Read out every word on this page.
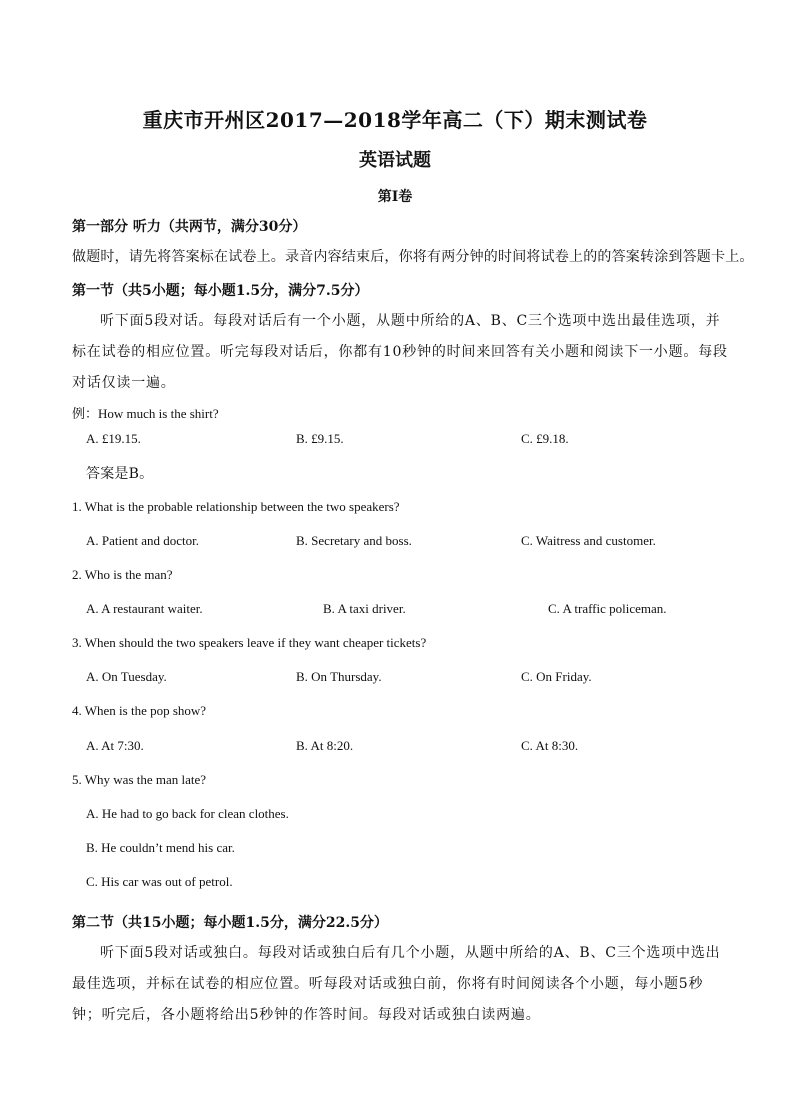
重庆市开州区2017—2018学年高二（下）期末测试卷
英语试题
第I卷
第一部分 听力（共两节，满分30分）
做题时，请先将答案标在试卷上。录音内容结束后，你将有两分钟的时间将试卷上的的答案转涂到答题卡上。
第一节（共5小题；每小题1.5分，满分7.5分）
听下面5段对话。每段对话后有一个小题，从题中所给的A、B、C三个选项中选出最佳选项，并标在试卷的相应位置。听完每段对话后，你都有10秒钟的时间来回答有关小题和阅读下一小题。每段对话仅读一遍。
例：How much is the shirt?
A. £19.15.	B. £9.15.	C. £9.18.
答案是B。
1. What is the probable relationship between the two speakers?
A. Patient and doctor.	B. Secretary and boss.	C. Waitress and customer.
2. Who is the man?
A. A restaurant waiter.	B. A taxi driver.	C. A traffic policeman.
3. When should the two speakers leave if they want cheaper tickets?
A. On Tuesday.	B. On Thursday.	C. On Friday.
4. When is the pop show?
A. At 7:30.	B. At 8:20.	C. At 8:30.
5. Why was the man late?
A. He had to go back for clean clothes.
B. He couldn’t mend his car.
C. His car was out of petrol.
第二节（共15小题；每小题1.5分，满分22.5分）
听下面5段对话或独白。每段对话或独白后有几个小题，从题中所给的A、B、C三个选项中选出最佳选项，并标在试卷的相应位置。听每段对话或独白前，你将有时间阅读各个小题，每小题5秒钟；听完后，各小题将给出5秒钟的作答时间。每段对话或独白读两遍。
